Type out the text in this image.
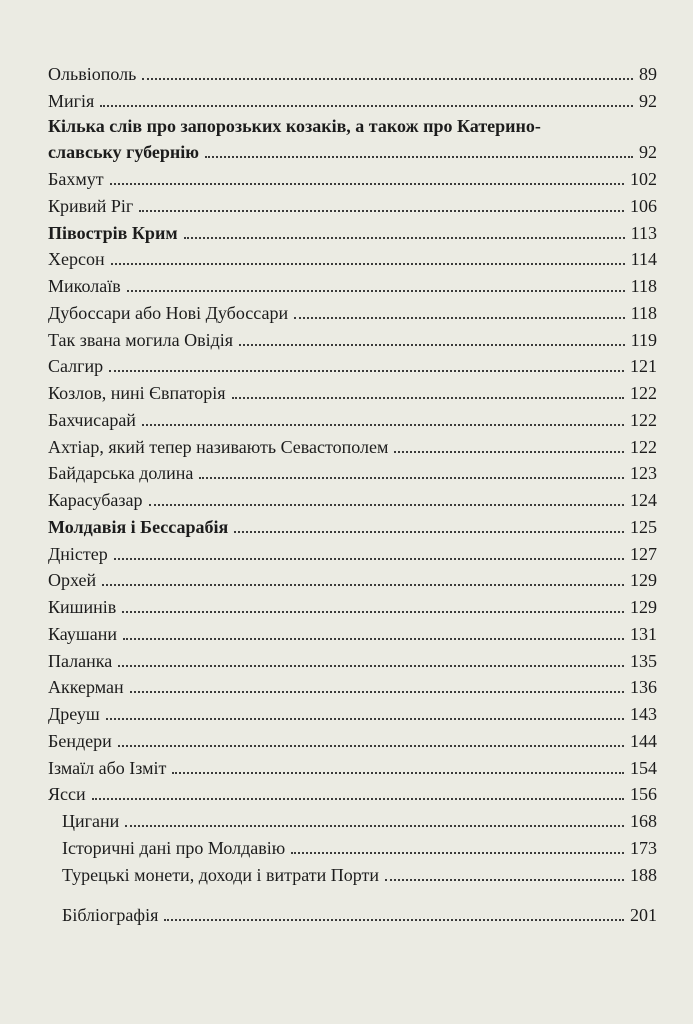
Ольвіополь	89
Мигія	92
Кілька слів про запорозьких козаків, а також про Катерино-
славську губернію	92
Бахмут	102
Кривий Ріг	106
Півострів Крим	113
Херсон	114
Миколаїв	118
Дубоссари або Нові Дубоссари	118
Так звана могила Овідія	119
Салгир	121
Козлов, нині Євпаторія	122
Бахчисарай	122
Ахтіар, який тепер називають Севастополем	122
Байдарська долина	123
Карасубазар	124
Молдавія і Бессарабія	125
Дністер	127
Орхей	129
Кишинів	129
Каушани	131
Паланка	135
Аккерман	136
Дреуш	143
Бендери	144
Ізмаїл або Ізміт	154
Ясси	156
Цигани	168
Історичні дані про Молдавію	173
Турецькі монети, доходи і витрати Порти	188
Бібліографія	201
